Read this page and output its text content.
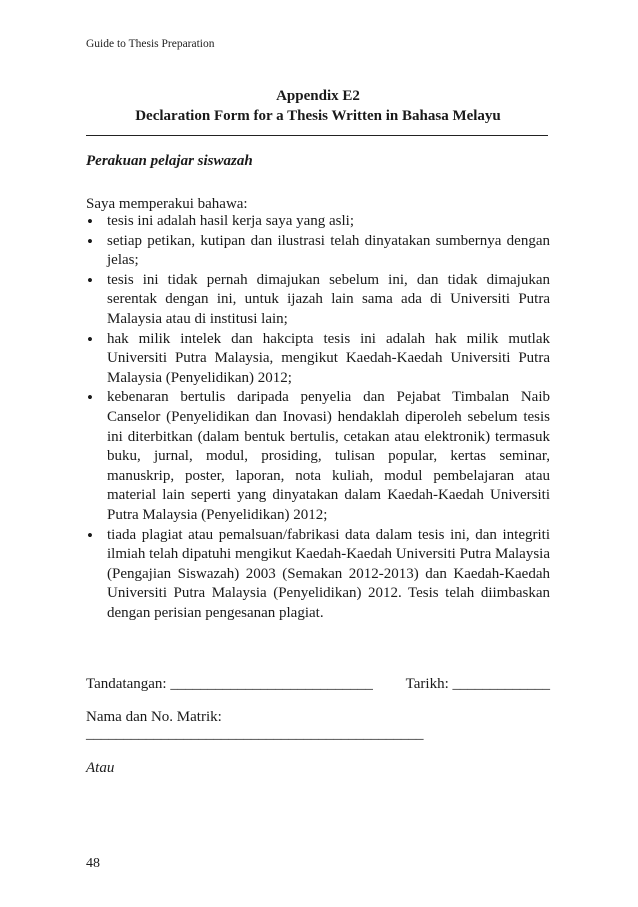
Guide to Thesis Preparation
Appendix E2
Declaration Form for a Thesis Written in Bahasa Melayu
Perakuan pelajar siswazah
Saya memperakui bahawa:
• tesis ini adalah hasil kerja saya yang asli;
• setiap petikan, kutipan dan ilustrasi telah dinyatakan sumbernya dengan jelas;
• tesis ini tidak pernah dimajukan sebelum ini, dan tidak dimajukan serentak dengan ini, untuk ijazah lain sama ada di Universiti Putra Malaysia atau di institusi lain;
• hak milik intelek dan hakcipta tesis ini adalah hak milik mutlak Universiti Putra Malaysia, mengikut Kaedah-Kaedah Universiti Putra Malaysia (Penyelidikan) 2012;
• kebenaran bertulis daripada penyelia dan Pejabat Timbalan Naib Canselor (Penyelidikan dan Inovasi) hendaklah diperoleh sebelum tesis ini diterbitkan (dalam bentuk bertulis, cetakan atau elektronik) termasuk buku, jurnal, modul, prosiding, tulisan popular, kertas seminar, manuskrip, poster, laporan, nota kuliah, modul pembelajaran atau material lain seperti yang dinyatakan dalam Kaedah-Kaedah Universiti Putra Malaysia (Penyelidikan) 2012;
• tiada plagiat atau pemalsuan/fabrikasi data dalam tesis ini, dan integriti ilmiah telah dipatuhi mengikut Kaedah-Kaedah Universiti Putra Malaysia (Pengajian Siswazah) 2003 (Semakan 2012-2013) dan Kaedah-Kaedah Universiti Putra Malaysia (Penyelidikan) 2012. Tesis telah diimbaskan dengan perisian pengesanan plagiat.
Tandatangan: ___________________________ Tarikh: _____________
Nama dan No. Matrik: _____________________________________________
Atau
48
